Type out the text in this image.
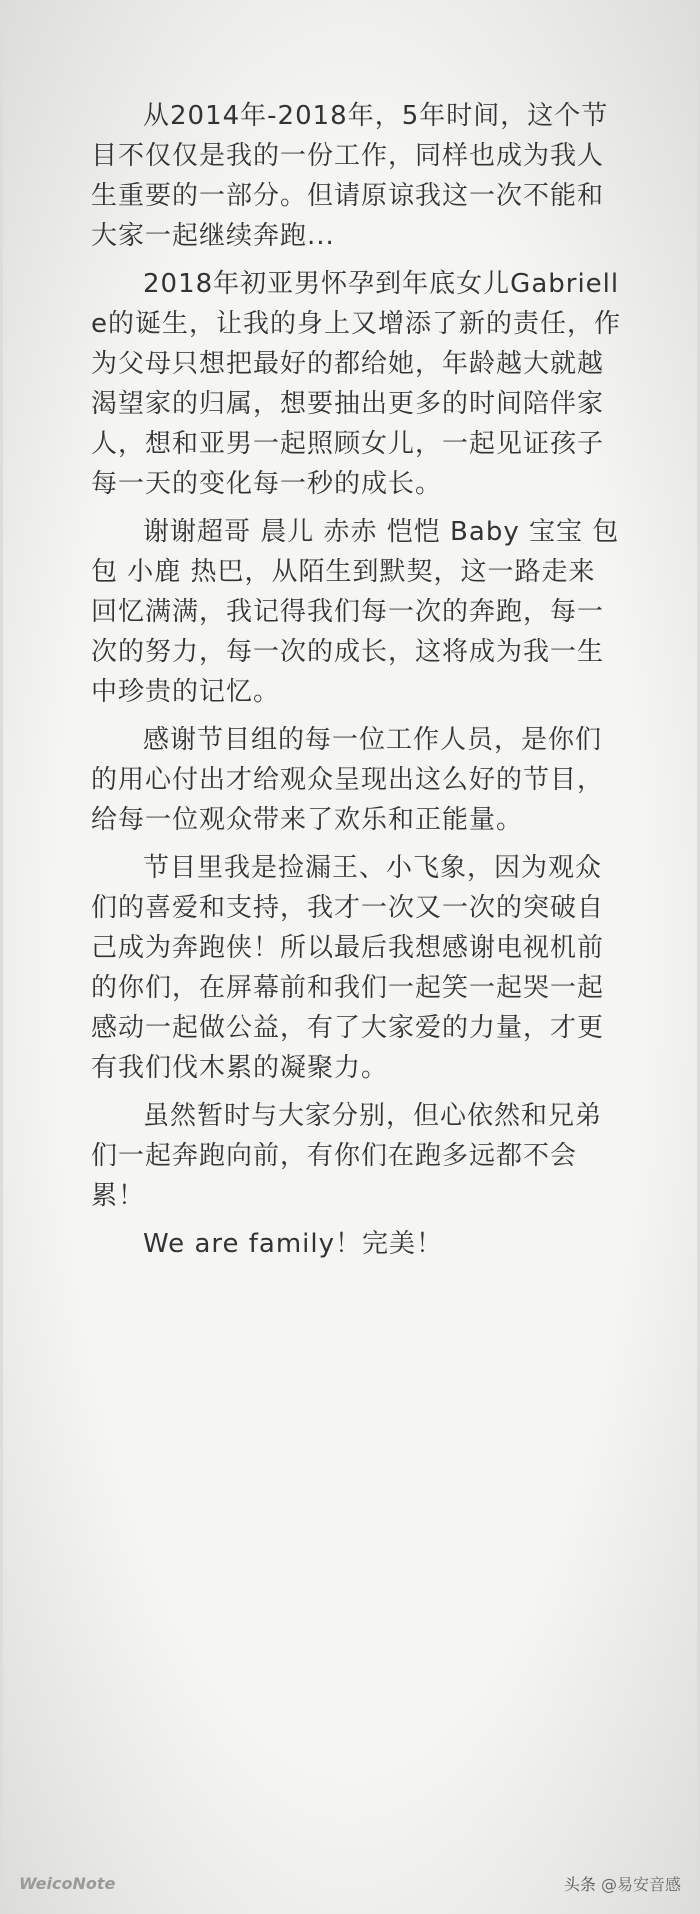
从2014年-2018年，5年时间，这个节目不仅仅是我的一份工作，同样也成为我人生重要的一部分。但请原谅我这一次不能和大家一起继续奔跑...

2018年初亚男怀孕到年底女儿Gabrielle的诞生，让我的身上又增添了新的责任，作为父母只想把最好的都给她，年龄越大就越渴望家的归属，想要抽出更多的时间陪伴家人，想和亚男一起照顾女儿，一起见证孩子每一天的变化每一秒的成长。

谢谢超哥 晨儿 赤赤 恺恺 Baby 宝宝 包包 小鹿 热巴，从陌生到默契，这一路走来回忆满满，我记得我们每一次的奔跑，每一次的努力，每一次的成长，这将成为我一生中珍贵的记忆。

感谢节目组的每一位工作人员，是你们的用心付出才给观众呈现出这么好的节目，给每一位观众带来了欢乐和正能量。

节目里我是捡漏王、小飞象，因为观众们的喜爱和支持，我才一次又一次的突破自己成为奔跑侠！所以最后我想感谢电视机前的你们，在屏幕前和我们一起笑一起哭一起感动一起做公益，有了大家爱的力量，才更有我们伐木累的凝聚力。

虽然暂时与大家分别，但心依然和兄弟们一起奔跑向前，有你们在跑多远都不会累！

We are family！完美！

WeicoNote	头条 @易安音感
